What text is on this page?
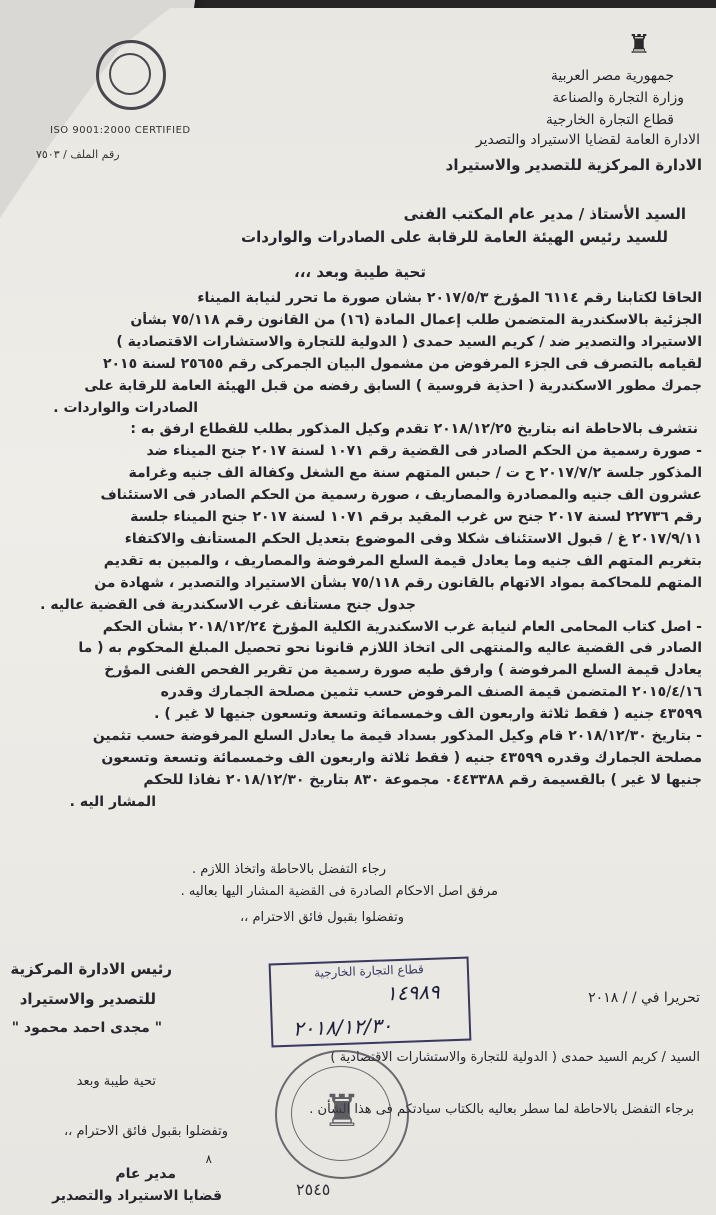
ISO 9001:2000 CERTIFIED
رقم الملف / ٧٥٠٣
♜
جمهورية مصر العربية
وزارة التجارة والصناعة
قطاع التجارة الخارجية
الادارة العامة لقضايا الاستيراد والتصدير
الادارة المركزية للتصدير والاستيراد
السيد الأستاذ / مدير عام المكتب الفنى
للسيد رئيس الهيئة العامة للرقابة على الصادرات والواردات
تحية طيبة وبعد ،،،
الحاقا لكتابنا رقم ٦١١٤ المؤرخ ٢٠١٧/٥/٣ بشان صورة ما تحرر لنيابة الميناء
الجزئية بالاسكندرية المتضمن طلب إعمال المادة (١٦) من القانون رقم ٧٥/١١٨ بشأن
الاستيراد والتصدير ضد / كريم السيد حمدى ( الدولية للتجارة والاستشارات الاقتصادية )
لقيامه بالتصرف فى الجزء المرفوض من مشمول البيان الجمركى رقم ٢٥٦٥٥ لسنة ٢٠١٥
جمرك مطور الاسكندرية ( احذية فروسية ) السابق رفضه من قبل الهيئة العامة للرقابة على
الصادرات والواردات .
نتشرف بالاحاطة انه بتاريخ ٢٠١٨/١٢/٢٥ تقدم وكيل المذكور بطلب للقطاع ارفق به :
- صورة رسمية من الحكم الصادر فى القضية رقم ١٠٧١ لسنة ٢٠١٧ جنح الميناء ضد
المذكور جلسة ٢٠١٧/٧/٢ ح ت / حبس المتهم سنة مع الشغل وكفالة الف جنيه وغرامة
عشرون الف جنيه والمصادرة والمصاريف ، صورة رسمية من الحكم الصادر فى الاستئناف
رقم ٢٢٧٣٦ لسنة ٢٠١٧ جنح س غرب المقيد برقم ١٠٧١ لسنة ٢٠١٧ جنح الميناء جلسة
٢٠١٧/٩/١١ غ / قبول الاستئناف شكلا وفى الموضوع بتعديل الحكم المستأنف والاكتفاء
بتغريم المتهم الف جنيه وما يعادل قيمة السلع المرفوضة والمصاريف ، والمبين به تقديم
المتهم للمحاكمة بمواد الاتهام بالقانون رقم ٧٥/١١٨ بشأن الاستيراد والتصدير ، شهادة من
جدول جنح مستأنف غرب الاسكندرية فى القضية عاليه .
- اصل كتاب المحامى العام لنيابة غرب الاسكندرية الكلية المؤرخ ٢٠١٨/١٢/٢٤ بشأن الحكم
الصادر فى القضية عاليه والمنتهى الى اتخاذ اللازم قانونا نحو تحصيل المبلغ المحكوم به ( ما
يعادل قيمة السلع المرفوضة ) وارفق طيه صورة رسمية من تقرير الفحص الفنى المؤرخ
٢٠١٥/٤/١٦ المتضمن قيمة الصنف المرفوض حسب تثمين مصلحة الجمارك وقدره
٤٣٥٩٩ جنيه ( فقط ثلاثة واربعون الف وخمسمائة وتسعة وتسعون جنيها لا غير ) .
- بتاريخ ٢٠١٨/١٢/٣٠ قام وكيل المذكور بسداد قيمة ما يعادل السلع المرفوضة حسب تثمين
مصلحة الجمارك وقدره ٤٣٥٩٩ جنيه ( فقط ثلاثة واربعون الف وخمسمائة وتسعة وتسعون
جنيها لا غير ) بالقسيمة رقم ٠٤٤٣٣٨٨ مجموعة ٨٣٠ بتاريخ ٢٠١٨/١٢/٣٠ نفاذا للحكم
المشار اليه .
رجاء التفضل بالاحاطة واتخاذ اللازم .
مرفق اصل الاحكام الصادرة فى القضية المشار اليها بعاليه .
وتفضلوا بقبول فائق الاحترام ،،
رئيس الادارة المركزية
للتصدير والاستيراد
" مجدى احمد محمود "
تحريرا في / / ٢٠١٨
قطاع التجارة الخارجية
١٤٩٨٩
٢٠١٨/١٢/٣٠
السيد / كريم السيد حمدى ( الدولية للتجارة والاستشارات الاقتصادية )
تحية طيبة وبعد
برجاء التفضل بالاحاطة لما سطر بعاليه بالكتاب سيادتكم فى هذا الشأن .
وتفضلوا بقبول فائق الاحترام ،، ♜
٨
مدير عام
قضايا الاستيراد والتصدير	٢٥٤٥
